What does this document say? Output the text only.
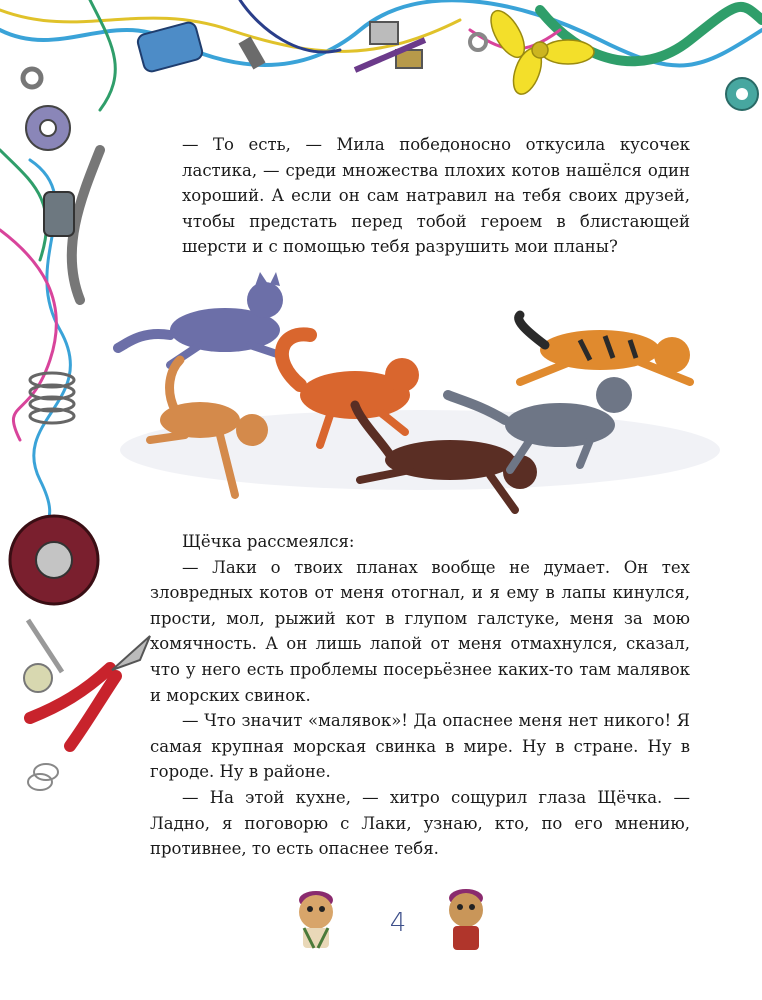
— То есть, — Мила победоносно откусила кусочек ластика, — среди множества плохих котов нашёлся один хороший. А если он сам натравил на тебя своих друзей, чтобы предстать перед тобой героем в блистающей шерсти и с помощью тебя разрушить мои планы?

Щёчка рассмеялся:

— Лаки о твоих планах вообще не думает. Он тех зловредных котов от меня отогнал, и я ему в лапы кинулся, прости, мол, рыжий кот в глупом галстуке, меня за мою хомячность. А он лишь лапой от меня отмахнулся, сказал, что у него есть проблемы посерьёзнее каких-то там малявок и морских свинок.

— Что значит «малявок»! Да опаснее меня нет никого! Я самая крупная морская свинка в мире. Ну в стране. Ну в городе. Ну в районе.

— На этой кухне, — хитро сощурил глаза Щёчка. — Ладно, я поговорю с Лаки, узнаю, кто, по его мнению, противнее, то есть опаснее тебя.

4
